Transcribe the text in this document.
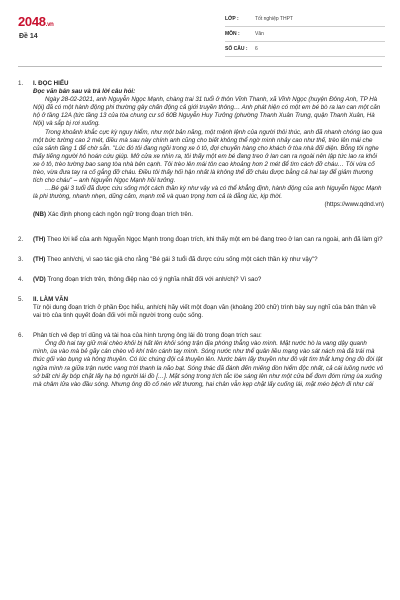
2048.vn
Đề 14
LỚP :	Tốt nghiệp THPT
MÔN :	Văn
SỐ CÂU :	6
1.	I. ĐỌC HIỂU
Đọc văn bản sau và trả lời câu hỏi:
Ngày 28-02-2021, anh Nguyễn Ngọc Mạnh, chàng trai 31 tuổi ở thôn Vĩnh Thanh, xã Vĩnh Ngọc (huyện Đông Anh, TP Hà Nội) đã có một hành động phi thường gây chấn động cả giới truyền thông… Anh phát hiện có một em bé bò ra lan can một căn hộ ở tầng 12A (tức tầng 13 của tòa chung cư số 60B Nguyễn Huy Tưởng (phường Thanh Xuân Trung, quận Thanh Xuân, Hà Nội) và sắp bị rơi xuống.
Trong khoảnh khắc cực kỳ nguy hiểm, như một bản năng, một mệnh lệnh của người thôi thúc, anh đã nhanh chóng lao qua một bức tường cao 2 mét, điều mà sau này chính anh cũng cho biết không thể ngờ mình nhảy cao như thế, trèo lên mái che của sảnh tầng 1 để chờ sẵn. "Lúc đó tôi đang ngồi trong xe ô tô, đợi chuyến hàng cho khách ở tòa nhà đối diện. Bỗng tôi nghe thấy tiếng người hô hoán cứu giúp. Mở cửa xe nhìn ra, tôi thấy một em bé đang treo ở lan can ra ngoài nên lập tức lao ra khỏi xe ô tô, trèo tường bao sang tòa nhà bên cạnh. Tôi trèo lên mái tôn cao khoảng hơn 2 mét để tìm cách đỡ cháu… Tôi vừa cố trèo, vừa đưa tay ra cố gắng đỡ cháu. Điều tôi thấy hối hận nhất là không thể đỡ cháu được bằng cả hai tay để giảm thương tích cho cháu" – anh Nguyễn Ngọc Mạnh hồi tưởng.
…Bé gái 3 tuổi đã được cứu sống một cách thần kỳ như vậy và có thể khẳng định, hành động của anh Nguyễn Ngọc Mạnh là phi thường, nhanh nhẹn, dũng cảm, mạnh mẽ và quan trọng hơn cả là đằng lúc, kịp thời.
(https://www.qdnd.vn)
(NB) Xác định phong cách ngôn ngữ trong đoạn trích trên.
2.	(TH) Theo lời kể của anh Nguyễn Ngọc Mạnh trong đoạn trích, khi thấy một em bé đang treo ở lan can ra ngoài, anh đã làm gì?
3.	(TH) Theo anh/chị, vì sao tác giả cho rằng "Bé gái 3 tuổi đã được cứu sống một cách thần kỳ như vậy"?
4.	(VD) Trong đoạn trích trên, thông điệp nào có ý nghĩa nhất đối với anh/chị? Vì sao?
5.	II. LÀM VĂN
Từ nội dung đoạn trích ở phần Đọc hiểu, anh/chị hãy viết một đoạn văn (khoảng 200 chữ) trình bày suy nghĩ của bản thân về vai trò của tinh quyết đoán đối với mỗi người trong cuộc sống.
6.	Phân tích vẻ đẹp trí dũng và tài hoa của hình tượng ông lái đò trong đoạn trích sau:
Ông đò hai tay giữ mái chèo khỏi bị hất lên khỏi sóng trận địa phóng thẳng vào mình. Mặt nước hò la vang dậy quanh mình, ùa vào mà bẻ gãy cán chèo võ khí trên cánh tay mình. Sóng nước như thể quân liều mạng vào sát nách mà đá trái mà thúc gối vào bụng và hông thuyền. Có lúc chúng đội cả thuyền lên. Nước bám lấy thuyền như đô vật tìm thắt lưng ông đò đòi lật ngửa mình ra giữa trận nước vang trời thanh la não bạt. Sóng thác đã đánh đến miếng đòn hiểm độc nhất, cả cái luồng nước vô sở bất chi ấy bóp chặt lấy hạ bộ người lái đò […]. Mặt sóng trong tích tắc lòe sáng lên như một cửa bể đom đóm rừng ùa xuống mà châm lửa vào đầu sóng. Nhưng ông đò cố nén vết thương, hai chân vẫn kẹp chặt lấy cuống lái, mặt méo bệch đi như cái
